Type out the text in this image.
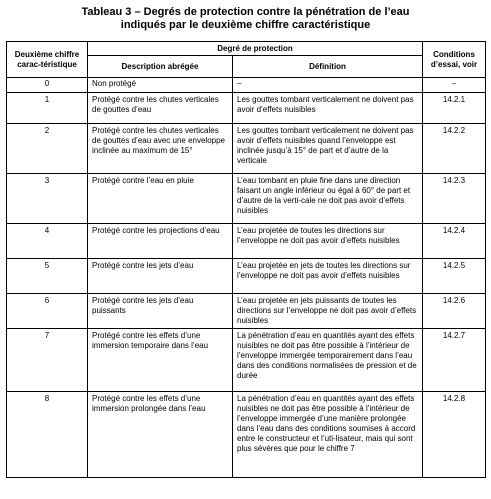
Tableau 3 – Degrés de protection contre la pénétration de l’eau
indiqués par le deuxième chiffre caractéristique
Deuxième chiffre carac-téristique	Degré de protection		Conditions d’essai, voir
	Description abrégée	Définition	
0	Non protégé	–	–
1	Protégé contre les chutes verticales de gouttes d’eau	Les gouttes tombant verticalement ne doivent pas avoir d’effets nuisibles	14.2.1
2	Protégé contre les chutes verticales de gouttes d’eau avec une enveloppe inclinée au maximum de 15°	Les gouttes tombant verticalement ne doivent pas avoir d’effets nuisibles quand l’enveloppe est inclinée jusqu’à 15° de part et d’autre de la verticale	14.2.2
3	Protégé contre l’eau en pluie	L’eau tombant en pluie fine dans une direction faisant un angle inférieur ou égal à 60° de part et d’autre de la verti-cale ne doit pas avoir d’effets nuisibles	14.2.3
4	Protégé contre les projections d’eau	L’eau projetée de toutes les directions sur l’enveloppe ne doit pas avoir d’effets nuisibles	14.2.4
5	Protégé contre les jets d’eau	L’eau projetée en jets de toutes les directions sur l’enveloppe ne doit pas avoir d’effets nuisibles	14.2.5
6	Protégé contre les jets d’eau puissants	L’eau projetée en jets puissants de toutes les directions sur l’enveloppe ne doit pas avoir d’effets nuisibles	14.2.6
7	Protégé contre les effets d’une immersion temporaire dans l’eau	La pénétration d’eau en quantités ayant des effets nuisibles ne doit pas être possible à l’intérieur de l’enveloppe immergée temporairement dans l’eau dans des conditions normalisées de pression et de durée	14.2.7
8	Protégé contre les effets d’une immersion prolongée dans l’eau	La pénétration d’eau en quantités ayant des effets nuisibles ne doit pas être possible à l’intérieur de l’enveloppe immergée d’une manière prolongée dans l’eau dans des conditions soumises à accord entre le constructeur et l’uti-lisateur, mais qui sont plus sévères que pour le chiffre 7	14.2.8
